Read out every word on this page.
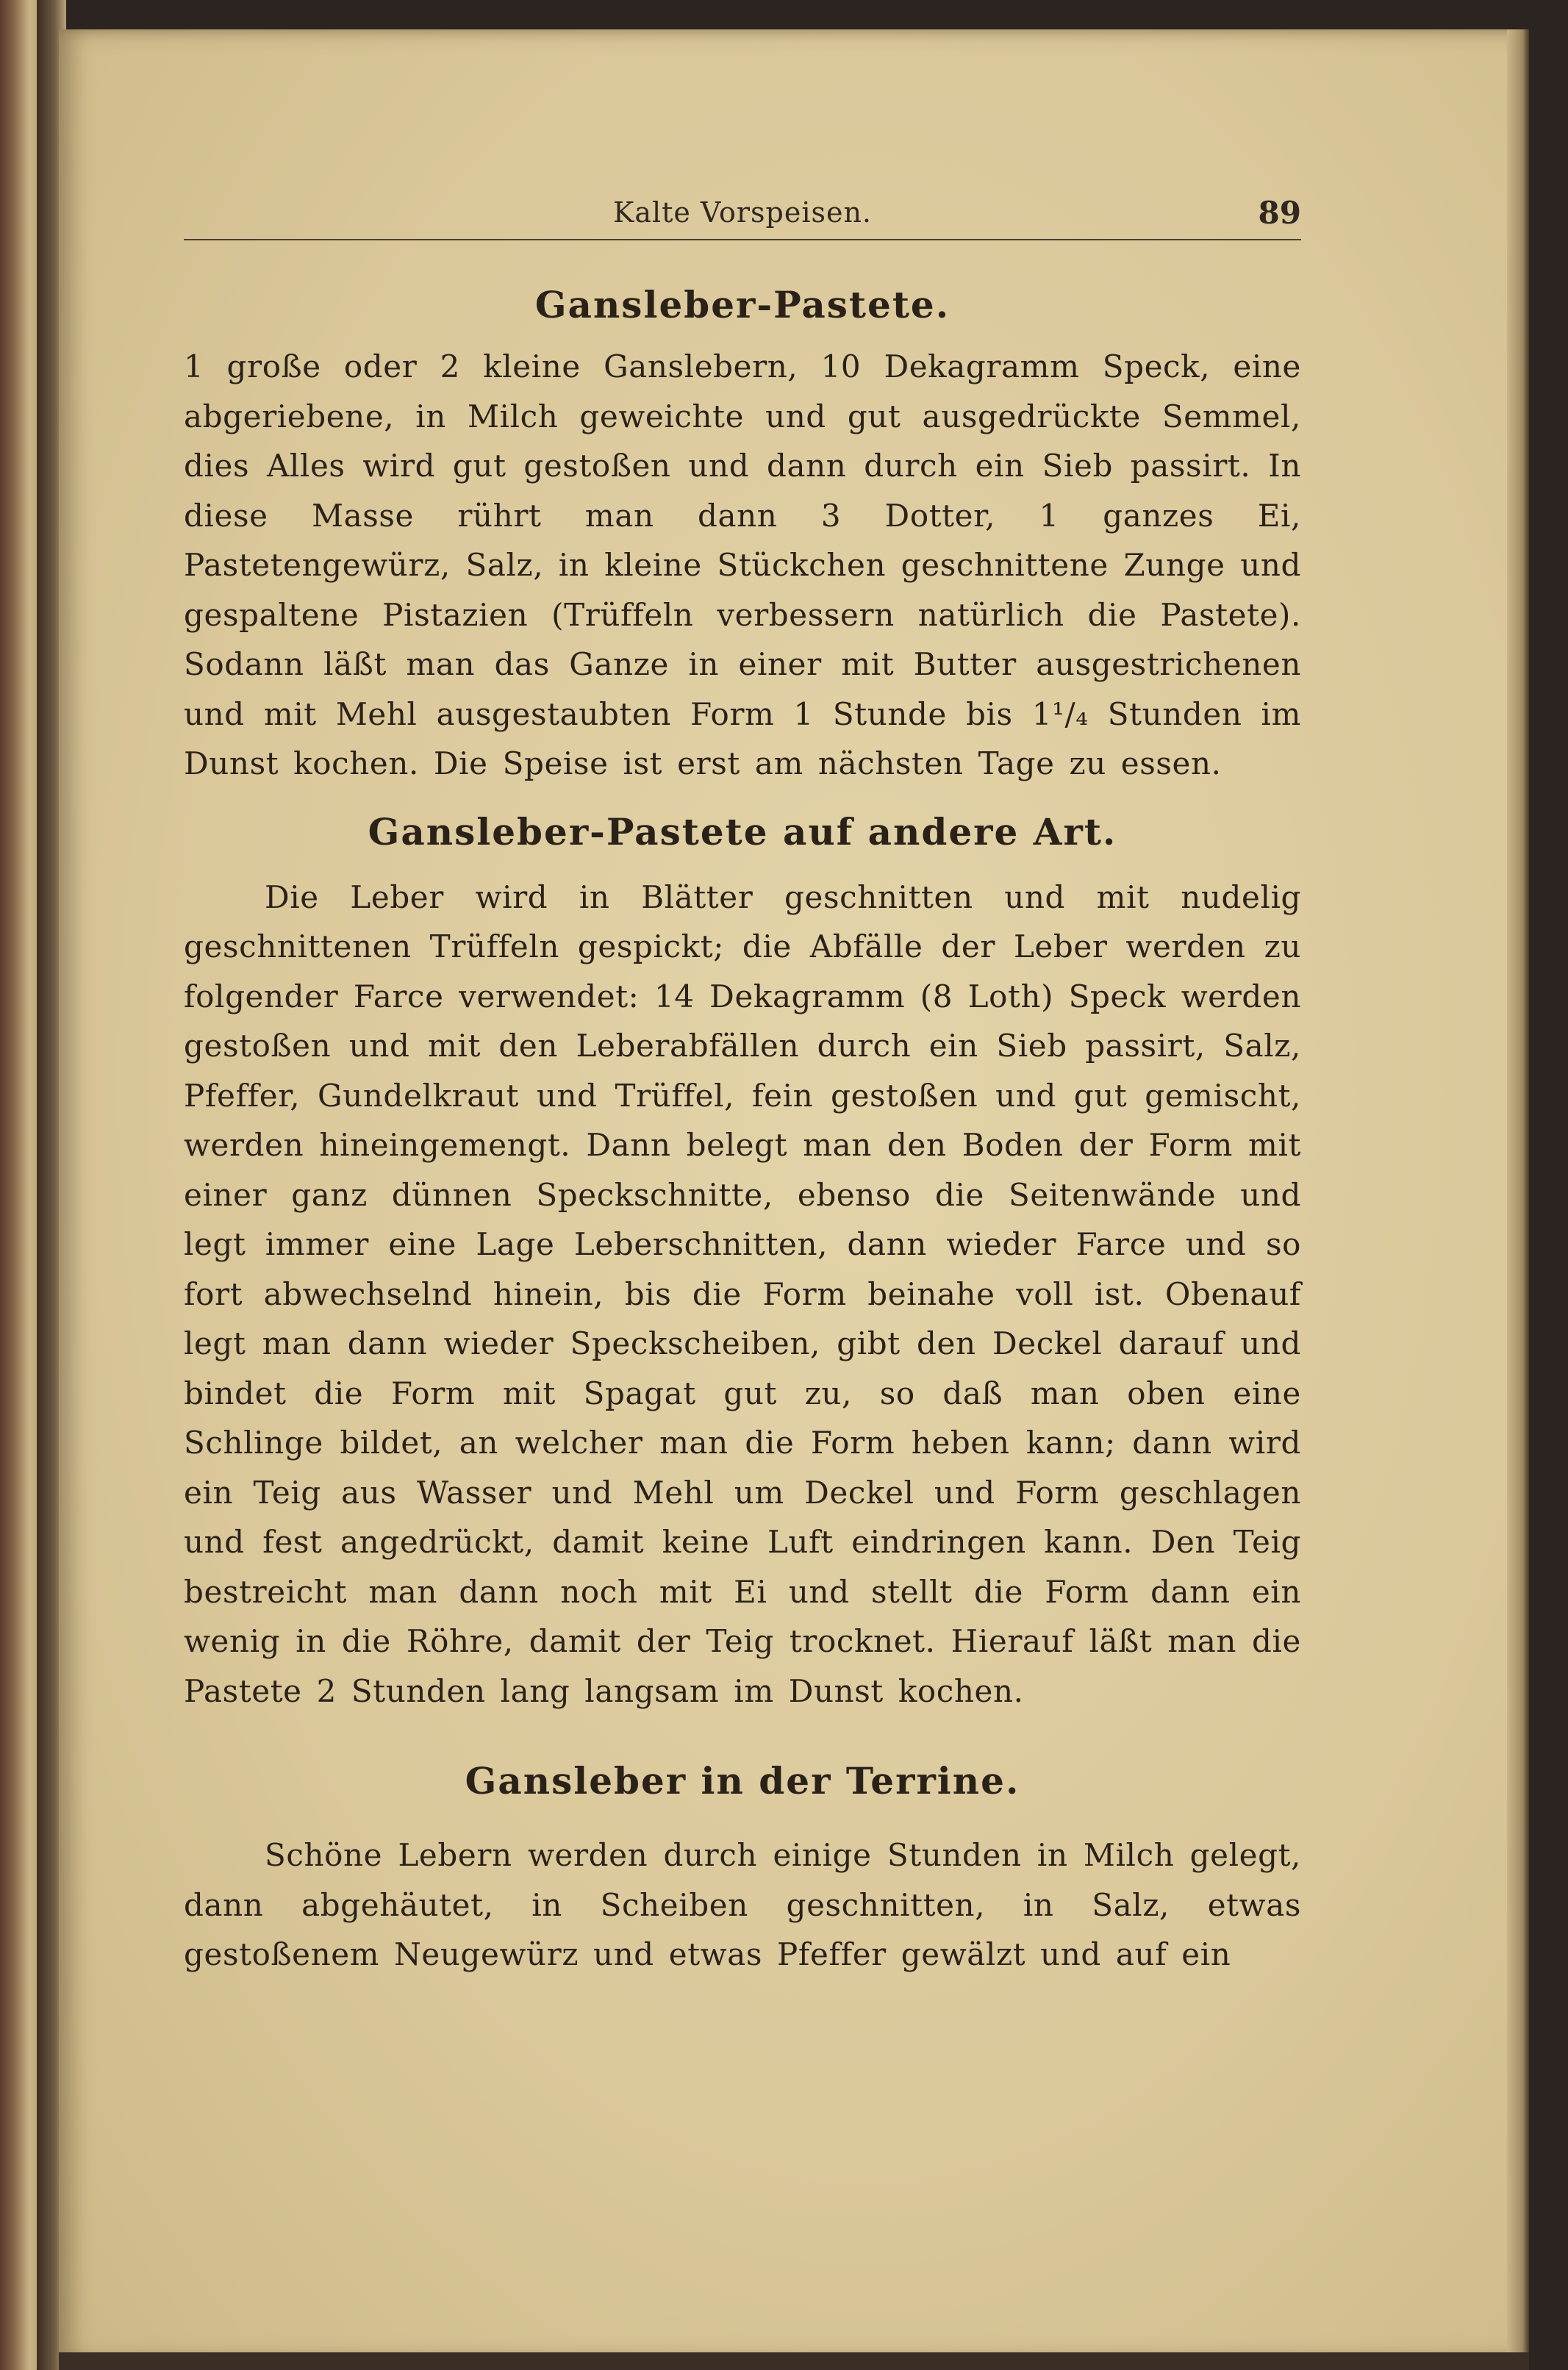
Kalte Vorspeisen.	89
Gansleber-Pastete.

1 große oder 2 kleine Ganslebern, 10 Dekagramm Speck, eine abgeriebene, in Milch geweichte und gut ausgedrückte Semmel, dies Alles wird gut gestoßen und dann durch ein Sieb passirt. In diese Masse rührt man dann 3 Dotter, 1 ganzes Ei, Pastetengewürz, Salz, in kleine Stückchen geschnittene Zunge und gespaltene Pistazien (Trüffeln verbessern natürlich die Pastete). Sodann läßt man das Ganze in einer mit Butter ausgestrichenen und mit Mehl ausgestaubten Form 1 Stunde bis 1¹/₄ Stunden im Dunst kochen. Die Speise ist erst am nächsten Tage zu essen.

Gansleber-Pastete auf andere Art.

Die Leber wird in Blätter geschnitten und mit nudelig geschnittenen Trüffeln gespickt; die Abfälle der Leber werden zu folgender Farce verwendet: 14 Dekagramm (8 Loth) Speck werden gestoßen und mit den Leberabfällen durch ein Sieb passirt, Salz, Pfeffer, Gundelkraut und Trüffel, fein gestoßen und gut gemischt, werden hineingemengt. Dann belegt man den Boden der Form mit einer ganz dünnen Speckschnitte, ebenso die Seitenwände und legt immer eine Lage Leberschnitten, dann wieder Farce und so fort abwechselnd hinein, bis die Form beinahe voll ist. Obenauf legt man dann wieder Speckscheiben, gibt den Deckel darauf und bindet die Form mit Spagat gut zu, so daß man oben eine Schlinge bildet, an welcher man die Form heben kann; dann wird ein Teig aus Wasser und Mehl um Deckel und Form geschlagen und fest angedrückt, damit keine Luft eindringen kann. Den Teig bestreicht man dann noch mit Ei und stellt die Form dann ein wenig in die Röhre, damit der Teig trocknet. Hierauf läßt man die Pastete 2 Stunden lang langsam im Dunst kochen.

Gansleber in der Terrine.

Schöne Lebern werden durch einige Stunden in Milch gelegt, dann abgehäutet, in Scheiben geschnitten, in Salz, etwas gestoßenem Neugewürz und etwas Pfeffer gewälzt und auf ein
